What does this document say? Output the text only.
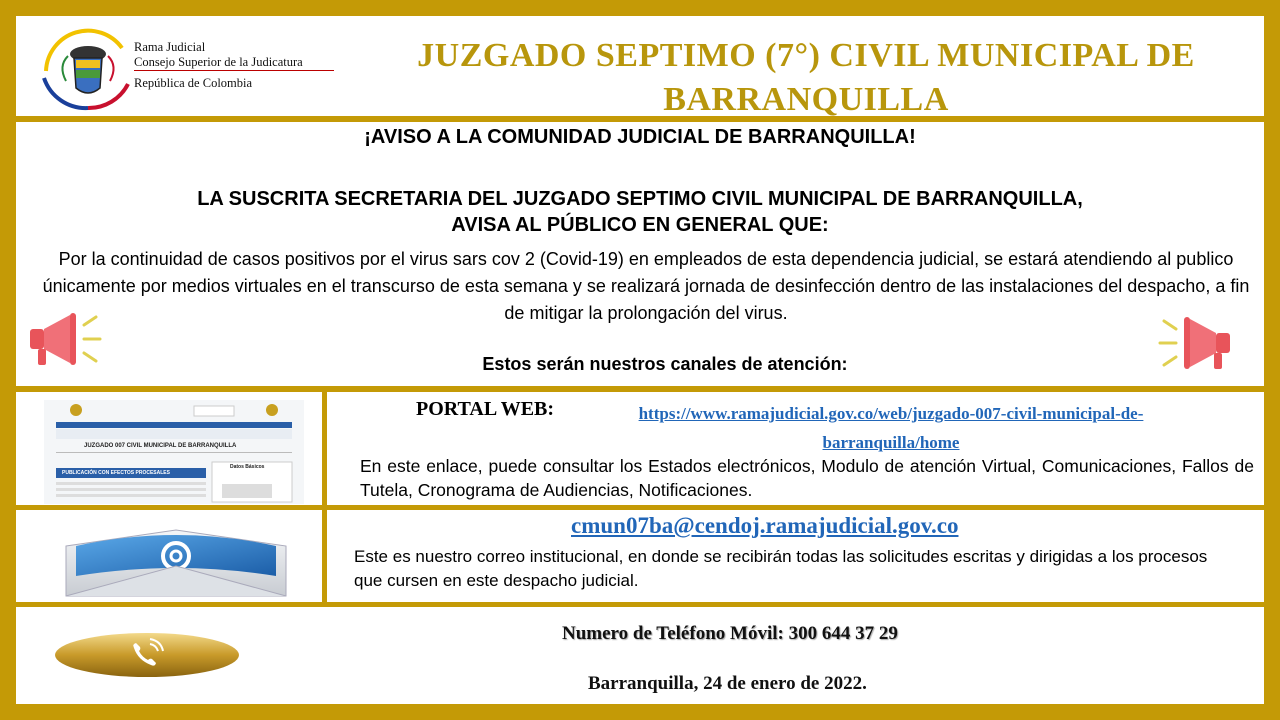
Rama Judicial
Consejo Superior de la Judicatura
República de Colombia
JUZGADO SEPTIMO (7°) CIVIL MUNICIPAL DE
BARRANQUILLA
¡AVISO A LA COMUNIDAD JUDICIAL DE BARRANQUILLA!
LA SUSCRITA SECRETARIA DEL JUZGADO SEPTIMO CIVIL MUNICIPAL DE BARRANQUILLA,
AVISA AL PÚBLICO EN GENERAL QUE:
Por la continuidad de casos positivos por el virus sars cov 2 (Covid-19) en empleados de esta dependencia judicial, se estará atendiendo al publico únicamente por medios virtuales en el transcurso de esta semana y se realizará jornada de desinfección dentro de las instalaciones del despacho, a fin de mitigar la prolongación del virus.
Estos serán nuestros canales de atención:
JUZGADO 007 CIVIL MUNICIPAL DE BARRANQUILLA
PUBLICACIÓN CON EFECTOS PROCESALES
Datos Básicos
PORTAL WEB:	https://www.ramajudicial.gov.co/web/juzgado-007-civil-municipal-de-
barranquilla/home
En este enlace, puede consultar los Estados electrónicos, Modulo de atención Virtual, Comunicaciones, Fallos de Tutela, Cronograma de Audiencias, Notificaciones.
cmun07ba@cendoj.ramajudicial.gov.co
Este es nuestro correo institucional, en donde se recibirán todas las solicitudes escritas y dirigidas a los procesos que cursen en este despacho judicial.
Numero de Teléfono Móvil: 300 644 37 29
Barranquilla, 24 de enero de 2022.
